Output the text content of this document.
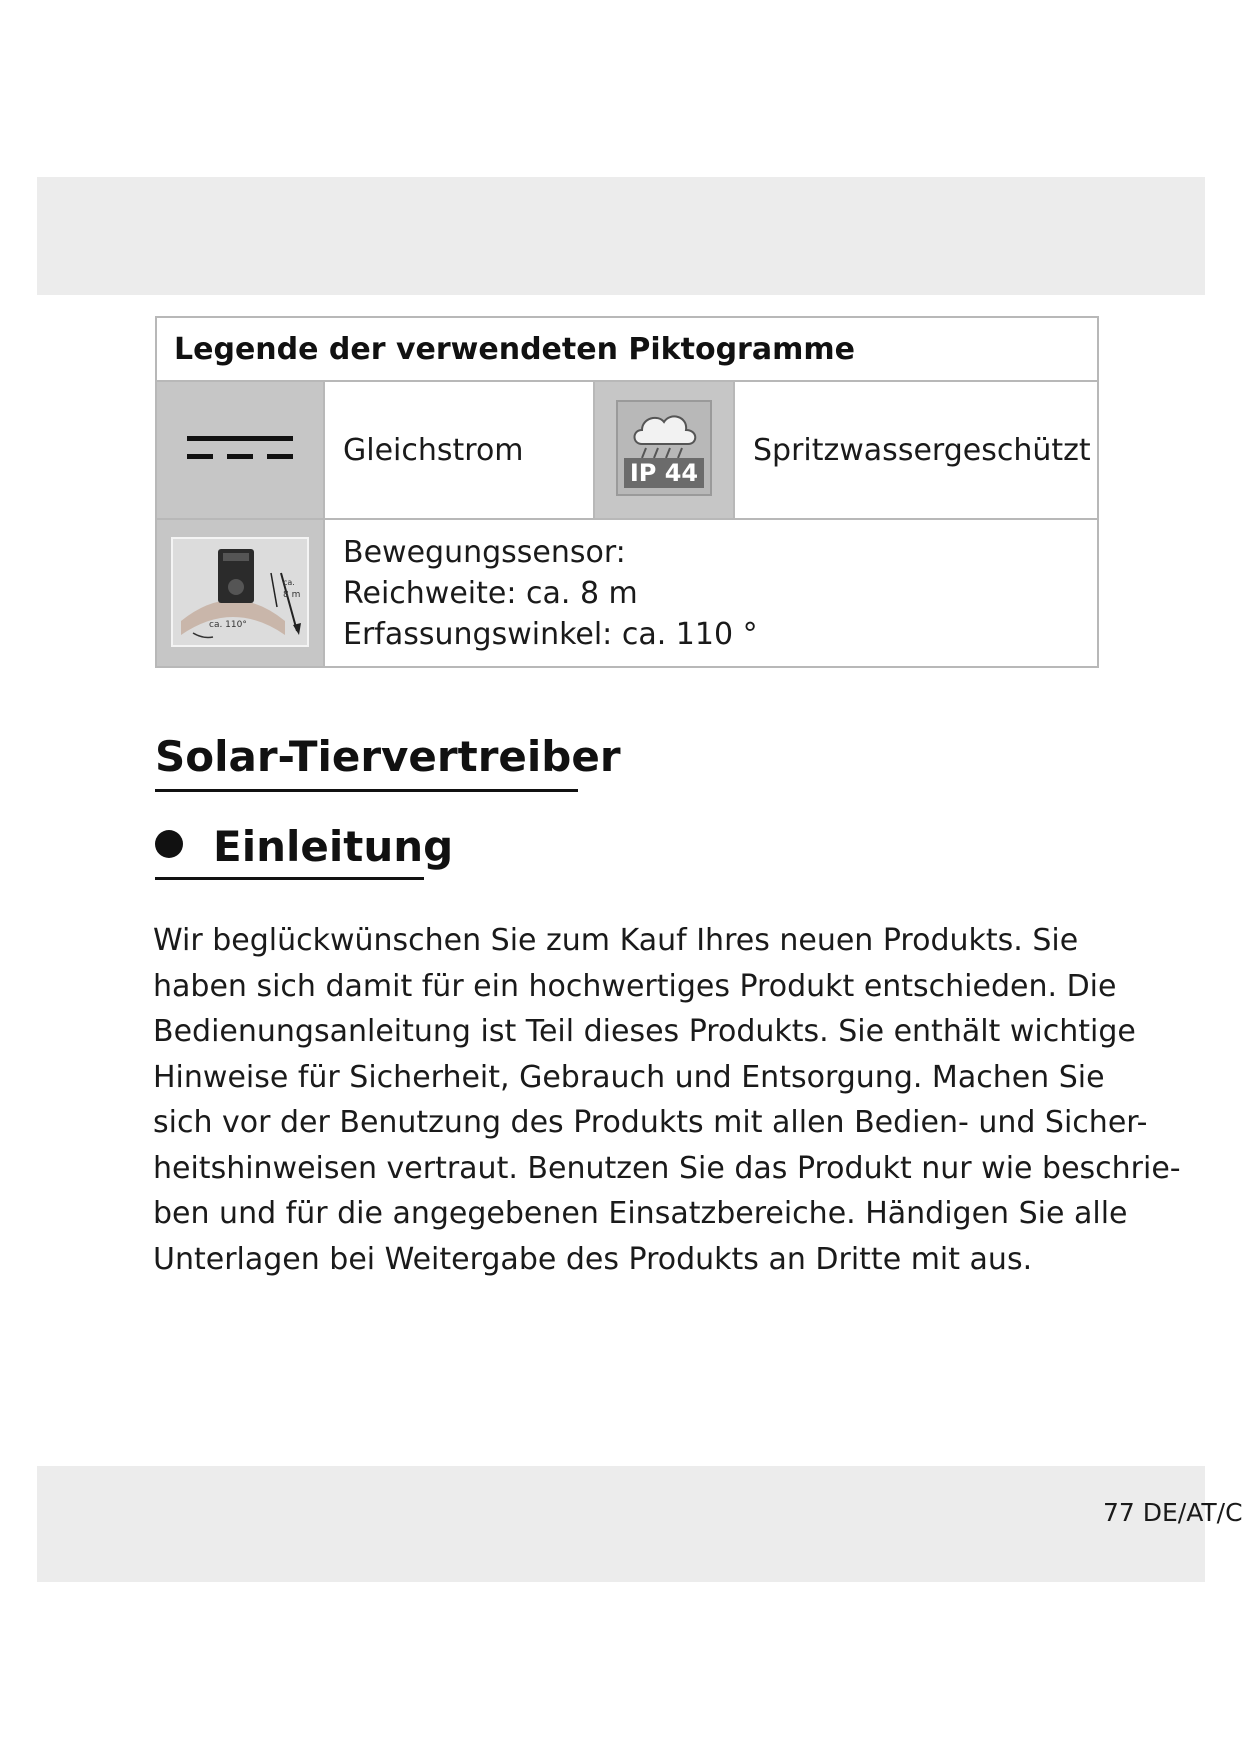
Legende der verwendeten Piktogramme			
	Gleichstrom	IP 44	Spritzwassergeschützt

ca.
8 m
ca. 110°	Bewegungssensor:
Reichweite: ca. 8 m
Erfassungswinkel: ca. 110 °		
Solar-Tiervertreiber
Einleitung
Wir beglückwünschen Sie zum Kauf Ihres neuen Produkts. Sie
haben sich damit für ein hochwertiges Produkt entschieden. Die
Bedienungsanleitung ist Teil dieses Produkts. Sie enthält wichtige
Hinweise für Sicherheit, Gebrauch und Entsorgung. Machen Sie
sich vor der Benutzung des Produkts mit allen Bedien- und Sicher-
heitshinweisen vertraut. Benutzen Sie das Produkt nur wie beschrie-
ben und für die angegebenen Einsatzbereiche. Händigen Sie alle
Unterlagen bei Weitergabe des Produkts an Dritte mit aus.
77 DE/AT/C
